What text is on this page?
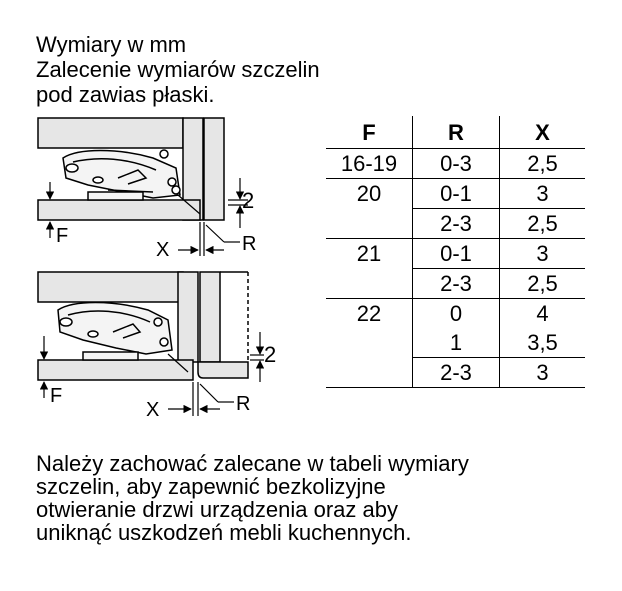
Wymiary w mm
Zalecenie wymiarów szczelin
pod zawias płaski.
2
F
X	R
2
F
X	R
F	R	X
16-19	0-3	2,5
20	0-1	3
	2-3	2,5
21	0-1	3
	2-3	2,5
22	0	4
	1	3,5
	2-3	3
Należy zachować zalecane w tabeli wymiary
szczelin, aby zapewnić bezkolizyjne
otwieranie drzwi urządzenia oraz aby
uniknąć uszkodzeń mebli kuchennych.
